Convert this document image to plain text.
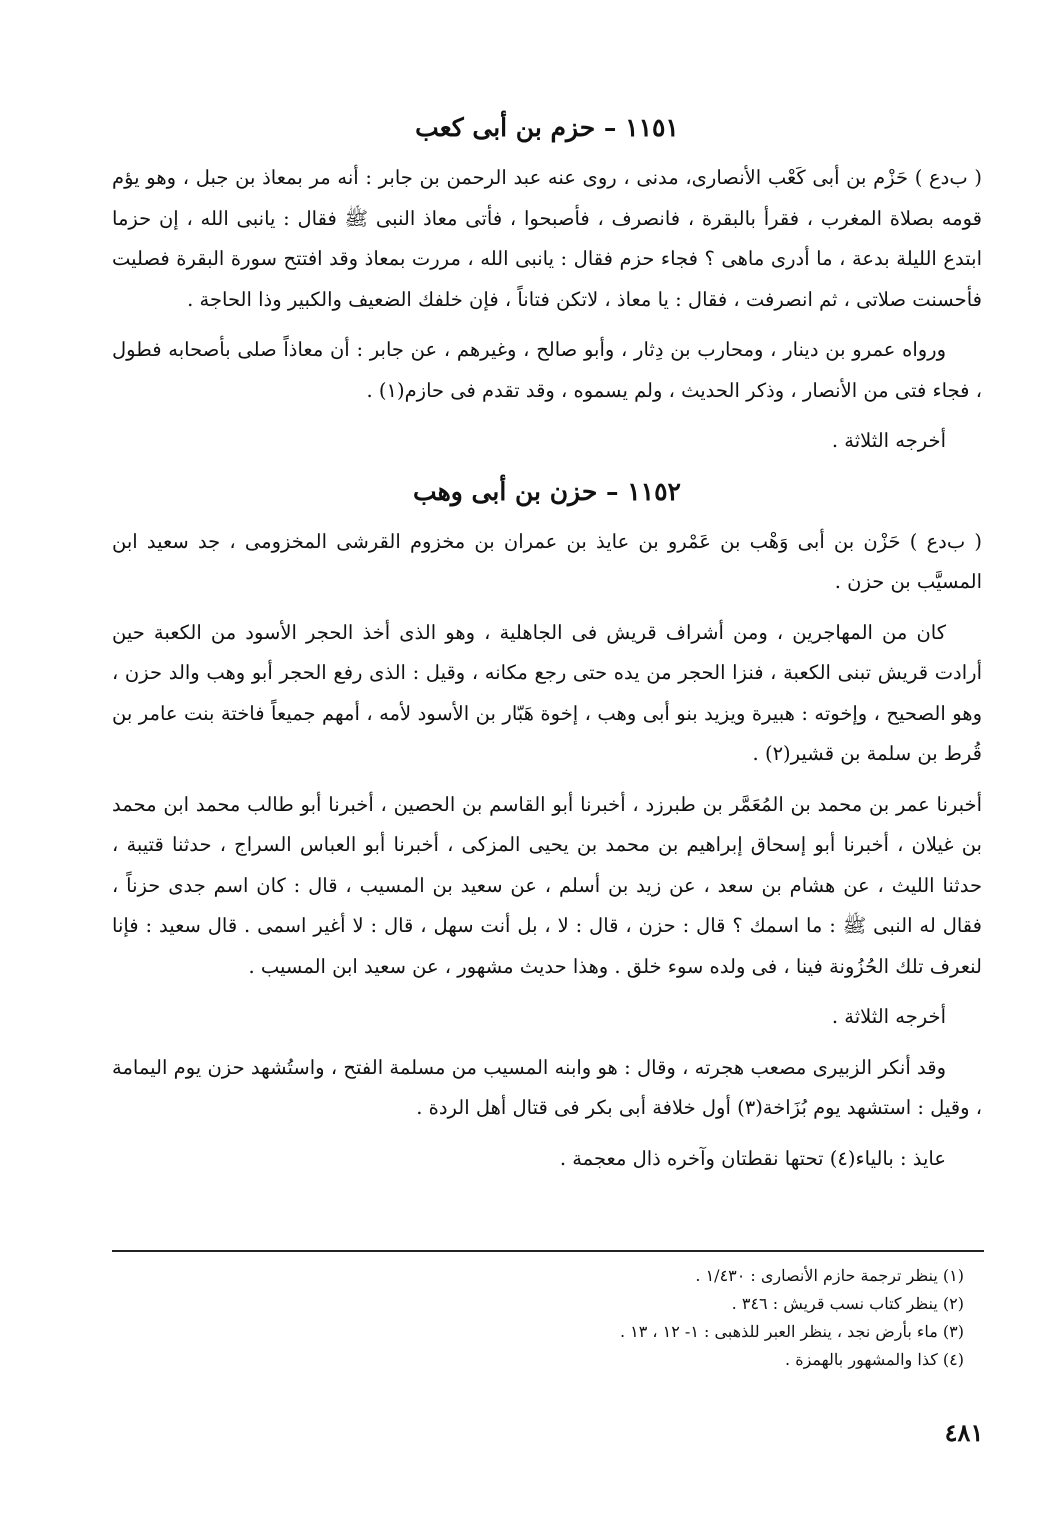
١١٥١ – حزم بن أبى كعب

( ب‌دع ) حَزْم بن أبى كَعْب الأنصارى، مدنى ، روى عنه عبد الرحمن بن جابر : أنه مر بمعاذ بن جبل ، وهو يؤم قومه بصلاة المغرب ، فقرأ بالبقرة ، فانصرف ، فأصبحوا ، فأتى معاذ النبى ﷺ فقال : يانبى الله ، إن حزما ابتدع الليلة بدعة ، ما أدرى ماهى ؟ فجاء حزم فقال : يانبى الله ، مررت بمعاذ وقد افتتح سورة البقرة فصليت فأحسنت صلاتى ، ثم انصرفت ، فقال : يا معاذ ، لاتكن فتاناً ، فإن خلفك الضعيف والكبير وذا الحاجة .

ورواه عمرو بن دينار ، ومحارب بن دِثار ، وأبو صالح ، وغيرهم ، عن جابر : أن معاذاً صلى بأصحابه فطول ، فجاء فتى من الأنصار ، وذكر الحديث ، ولم يسموه ، وقد تقدم فى حازم(١) .

أخرجه الثلاثة .

١١٥٢ – حزن بن أبى وهب

( ب‌دع ) حَزْن بن أبى وَهْب بن عَمْرو بن عايذ بن عمران بن مخزوم القرشى المخزومى ، جد سعيد ابن المسيَّب بن حزن .

كان من المهاجرين ، ومن أشراف قريش فى الجاهلية ، وهو الذى أخذ الحجر الأسود من الكعبة حين أرادت قريش تبنى الكعبة ، فنزا الحجر من يده حتى رجع مكانه ، وقيل : الذى رفع الحجر أبو وهب والد حزن ، وهو الصحيح ، وإخوته : هبيرة ويزيد بنو أبى وهب ، إخوة هَبّار بن الأسود لأمه ، أمهم جميعاً فاختة بنت عامر بن قُرط بن سلمة بن قشير(٢) .

أخبرنا عمر بن محمد بن المُعَمَّر بن طبرزد ، أخبرنا أبو القاسم بن الحصين ، أخبرنا أبو طالب محمد ابن محمد بن غيلان ، أخبرنا أبو إسحاق إبراهيم بن محمد بن يحيى المزكى ، أخبرنا أبو العباس السراج ، حدثنا قتيبة ، حدثنا الليث ، عن هشام بن سعد ، عن زيد بن أسلم ، عن سعيد بن المسيب ، قال : كان اسم جدى حزناً ، فقال له النبى ﷺ : ما اسمك ؟ قال : حزن ، قال : لا ، بل أنت سهل ، قال : لا أغير اسمى . قال سعيد : فإنا لنعرف تلك الحُزُونة فينا ، فى ولده سوء خلق . وهذا حديث مشهور ، عن سعيد ابن المسيب .

أخرجه الثلاثة .

وقد أنكر الزبيرى مصعب هجرته ، وقال : هو وابنه المسيب من مسلمة الفتح ، واستُشهد حزن يوم اليمامة ، وقيل : استشهد يوم بُزَاخة(٣) أول خلافة أبى بكر فى قتال أهل الردة .

عايذ : بالياء(٤) تحتها نقطتان وآخره ذال معجمة .

(١) ينظر ترجمة حازم الأنصارى : ١/٤٣٠ .

(٢) ينظر كتاب نسب قريش : ٣٤٦ .

(٣) ماء بأرض نجد ، ينظر العبر للذهبى : ١- ١٢ ، ١٣ .

(٤) كذا والمشهور بالهمزة .

٤٨١
